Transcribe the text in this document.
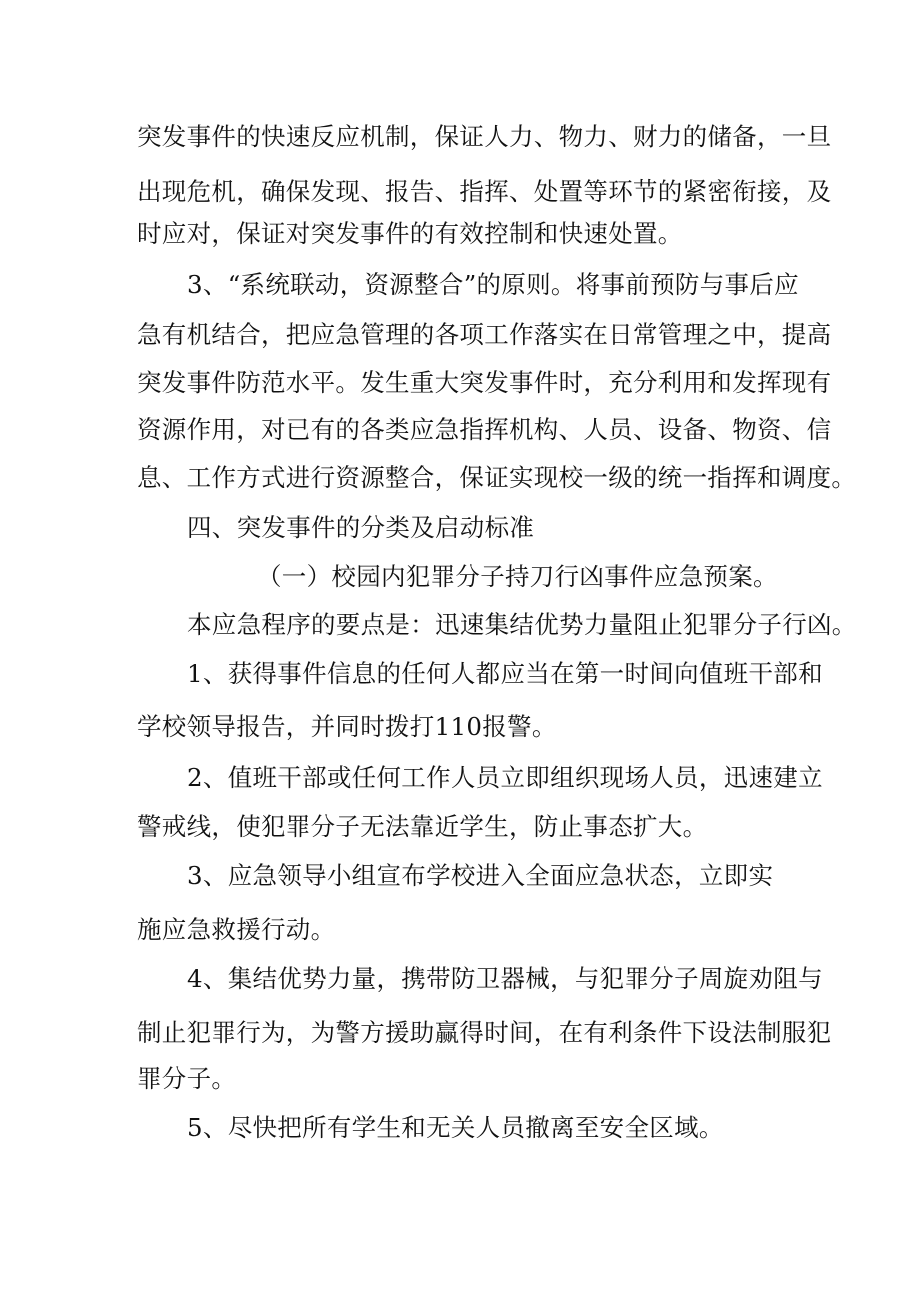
突发事件的快速反应机制，保证人力、物力、财力的储备，一旦
出现危机，确保发现、报告、指挥、处置等环节的紧密衔接，及
时应对，保证对突发事件的有效控制和快速处置。
3、“系统联动，资源整合”的原则。将事前预防与事后应
急有机结合，把应急管理的各项工作落实在日常管理之中，提高
突发事件防范水平。发生重大突发事件时，充分利用和发挥现有
资源作用，对已有的各类应急指挥机构、人员、设备、物资、信
息、工作方式进行资源整合，保证实现校一级的统一指挥和调度。
四、突发事件的分类及启动标准
（一）校园内犯罪分子持刀行凶事件应急预案。
本应急程序的要点是：迅速集结优势力量阻止犯罪分子行凶。
1、获得事件信息的任何人都应当在第一时间向值班干部和
学校领导报告，并同时拨打110报警。
2、值班干部或任何工作人员立即组织现场人员，迅速建立
警戒线，使犯罪分子无法靠近学生，防止事态扩大。
3、应急领导小组宣布学校进入全面应急状态，立即实
施应急救援行动。
4、集结优势力量，携带防卫器械，与犯罪分子周旋劝阻与
制止犯罪行为，为警方援助赢得时间，在有利条件下设法制服犯
罪分子。
5、尽快把所有学生和无关人员撤离至安全区域。
